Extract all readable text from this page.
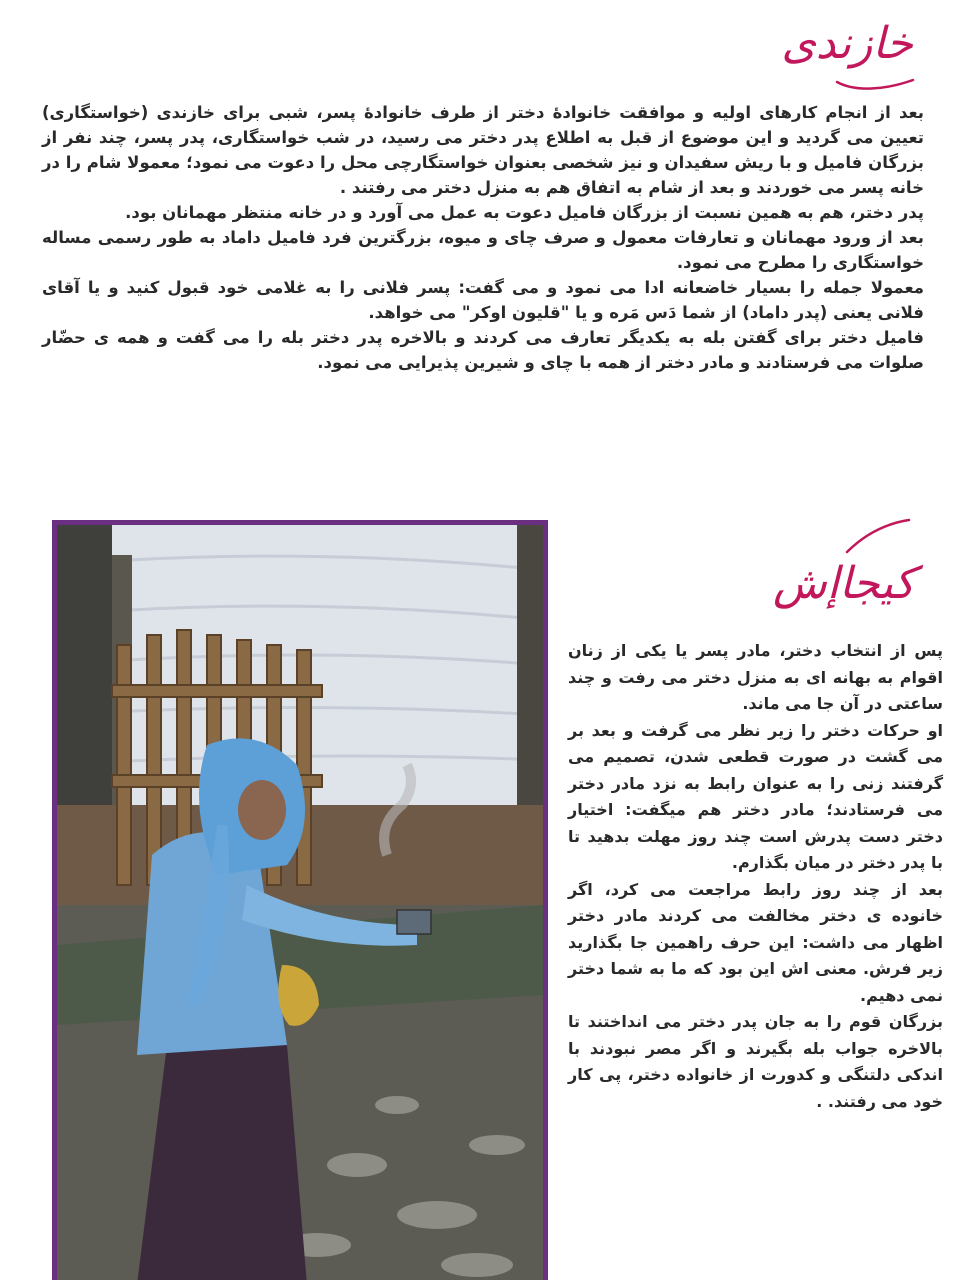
خازندی

بعد از انجام کارهای اولیه و موافقت خانوادهٔ دختر از طرف خانوادهٔ پسر، شبی برای خازندی (خواستگاری) تعیین می گردید و این موضوع از قبل به اطلاع پدر دختر می رسید، در شب خواستگاری، پدر پسر، چند نفر از بزرگان فامیل و با ریش سفیدان و نیز شخصی بعنوان خواستگارچی محل را دعوت می نمود؛ معمولا شام را در خانه پسر می خوردند و بعد از شام به اتفاق هم به منزل دختر می رفتند .

پدر دختر، هم به همین نسبت از بزرگان فامیل دعوت به عمل می آورد و در خانه منتظر مهمانان بود.

بعد از ورود مهمانان و تعارفات معمول و صرف چای و میوه، بزرگترین فرد فامیل داماد به طور رسمی مساله خواستگاری را مطرح می نمود.

معمولا جمله را بسیار خاضعانه ادا می نمود و می گفت: پسر فلانی را به غلامی خود قبول کنید و یا آقای فلانی یعنی (پدر داماد) از شما دَس مَره و یا "قلیون اوکر" می خواهد.

فامیل دختر برای گفتن بله به یکدیگر تعارف می کردند و بالاخره پدر دختر بله را می گفت و همه ی حضّار صلوات می فرستادند و مادر دختر از همه با چای و شیرین پذیرایی می نمود.

کیجاإش

پس از انتخاب دختر، مادر پسر یا یکی از زنان اقوام به بهانه ای به منزل دختر می رفت و چند ساعتی در آن جا می ماند.

او حرکات دختر را زیر نظر می گرفت و بعد بر می گشت در صورت قطعی شدن، تصمیم می گرفتند زنی را به عنوان رابط به نزد مادر دختر می فرستادند؛ مادر دختر هم میگفت: اختیار دختر دست پدرش است چند روز مهلت بدهید تا با پدر دختر در میان بگذارم.

بعد از چند روز رابط مراجعت می کرد، اگر خانوده ی دختر مخالفت می کردند مادر دختر اظهار می داشت: این حرف راهمین جا بگذارید زیر فرش. معنی اش این بود که ما به شما دختر نمی دهیم.

بزرگان قوم را به جان پدر دختر می انداختند تا بالاخره جواب بله بگیرند و اگر مصر نبودند با اندکی دلتنگی و کدورت از خانواده دختر، پی کار خود می رفتند. .
